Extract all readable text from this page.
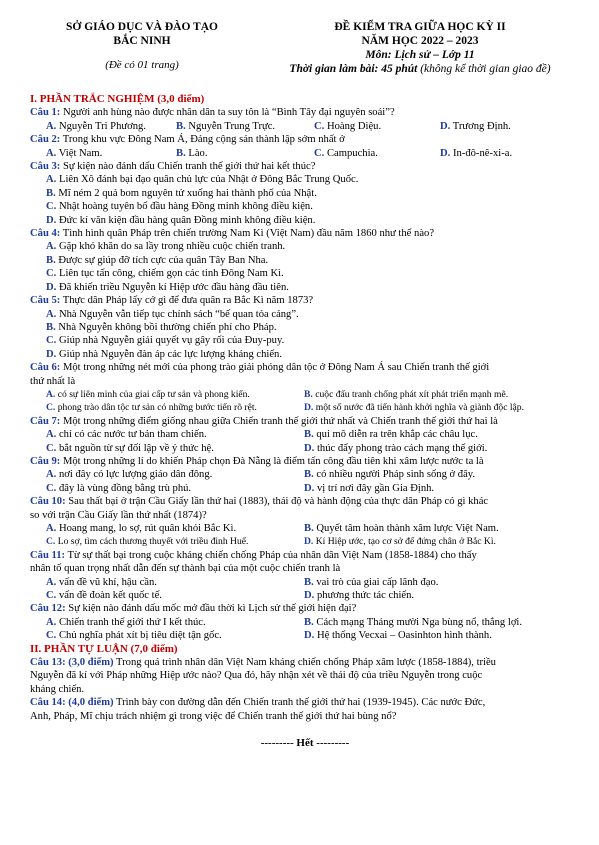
SỞ GIÁO DỤC VÀ ĐÀO TẠO
BẮC NINH
(Đề có 01 trang)
ĐỀ KIỂM TRA GIỮA HỌC KỲ II
NĂM HỌC 2022 – 2023
Môn: Lịch sử – Lớp 11
Thời gian làm bài: 45 phút (không kể thời gian giao đề)
I. PHẦN TRẮC NGHIỆM (3,0 điểm)
Câu 1: Người anh hùng nào được nhân dân ta suy tôn là “Bình Tây đại nguyên soái”?
A. Nguyễn Tri Phương.	B. Nguyễn Trung Trực.	C. Hoàng Diệu.	D. Trương Định.
Câu 2: Trong khu vực Đông Nam Á, Đảng cộng sản thành lập sớm nhất ở
A. Việt Nam.	B. Lào.	C. Campuchia.	D. In-đô-nê-xi-a.
Câu 3: Sự kiện nào đánh dấu Chiến tranh thế giới thứ hai kết thúc?
A. Liên Xô đánh bại đạo quân chủ lực của Nhật ở Đông Bắc Trung Quốc.
B. Mĩ ném 2 quả bom nguyên tử xuống hai thành phố của Nhật.
C. Nhật hoàng tuyên bố đầu hàng Đồng minh không điều kiện.
D. Đức kí văn kiện đầu hàng quân Đồng minh không điều kiện.
Câu 4: Tình hình quân Pháp trên chiến trường Nam Kì (Việt Nam) đầu năm 1860 như thế nào?
A. Gặp khó khăn do sa lầy trong nhiều cuộc chiến tranh.
B. Được sự giúp đỡ tích cực của quân Tây Ban Nha.
C. Liên tục tấn công, chiếm gọn các tỉnh Đông Nam Kì.
D. Đã khiến triều Nguyễn kí Hiệp ước đầu hàng đầu tiên.
Câu 5: Thực dân Pháp lấy cớ gì để đưa quân ra Bắc Kì năm 1873?
A. Nhà Nguyễn vẫn tiếp tục chính sách “bế quan tỏa cảng”.
B. Nhà Nguyễn không bồi thường chiến phí cho Pháp.
C. Giúp nhà Nguyễn giải quyết vụ gây rối của Đuy-puy.
D. Giúp nhà Nguyễn đàn áp các lực lượng kháng chiến.
Câu 6: Một trong những nét mới của phong trào giải phóng dân tộc ở Đông Nam Á sau Chiến tranh thế giới
thứ nhất là
A. có sự liên minh của giai cấp tư sản và phong kiến.	B. cuộc đấu tranh chống phát xít phát triển mạnh mẽ.
C. phong trào dân tộc tư sản có những bước tiến rõ rệt.	D. một số nước đã tiến hành khởi nghĩa và giành độc lập.
Câu 7: Một trong những điểm giống nhau giữa Chiến tranh thế giới thứ nhất và Chiến tranh thế giới thứ hai là
A. chỉ có các nước tư bản tham chiến.	B. qui mô diễn ra trên khắp các châu lục.
C. bắt nguồn từ sự đối lập về ý thức hệ.	D. thúc đẩy phong trào cách mạng thế giới.
Câu 9: Một trong những lí do khiến Pháp chọn Đà Nẵng là điểm tấn công đầu tiên khi xâm lược nước ta là
A. nơi đây có lực lượng giáo dân đông.	B. có nhiều người Pháp sinh sống ở đây.
C. đây là vùng đồng bằng trù phú.	D. vị trí nơi đây gần Gia Định.
Câu 10: Sau thất bại ở trận Cầu Giấy lần thứ hai (1883), thái độ và hành động của thực dân Pháp có gì khác
so với trận Cầu Giấy lần thứ nhất (1874)?
A. Hoang mang, lo sợ, rút quân khỏi Bắc Kì.	B. Quyết tâm hoàn thành xâm lược Việt Nam.
C. Lo sợ, tìm cách thương thuyết với triều đình Huế.	D. Kí Hiệp ước, tạo cơ sở để đứng chân ở Bắc Kì.
Câu 11: Từ sự thất bại trong cuộc kháng chiến chống Pháp của nhân dân Việt Nam (1858-1884) cho thấy
nhân tố quan trọng nhất dẫn đến sự thành bại của một cuộc chiến tranh là
A. vấn đề vũ khí, hậu cần.	B. vai trò của giai cấp lãnh đạo.
C. vấn đề đoàn kết quốc tế.	D. phương thức tác chiến.
Câu 12: Sự kiện nào đánh dấu mốc mở đầu thời kì Lịch sử thế giới hiện đại?
A. Chiến tranh thế giới thứ I kết thúc.	B. Cách mạng Tháng mười Nga bùng nổ, thắng lợi.
C. Chủ nghĩa phát xít bị tiêu diệt tận gốc.	D. Hệ thống Vecxai – Oasinhton hình thành.
II. PHẦN TỰ LUẬN (7,0 điểm)
Câu 13: (3,0 điểm) Trong quá trình nhân dân Việt Nam kháng chiến chống Pháp xâm lược (1858-1884), triều
Nguyễn đã kí với Pháp những Hiệp ước nào? Qua đó, hãy nhận xét về thái độ của triều Nguyễn trong cuộc
kháng chiến.
Câu 14: (4,0 điểm) Trình bày con đường dẫn đến Chiến tranh thế giới thứ hai (1939-1945). Các nước Đức,
Anh, Pháp, Mĩ chịu trách nhiệm gì trong việc để Chiến tranh thế giới thứ hai bùng nổ?
--------- Hết ---------
